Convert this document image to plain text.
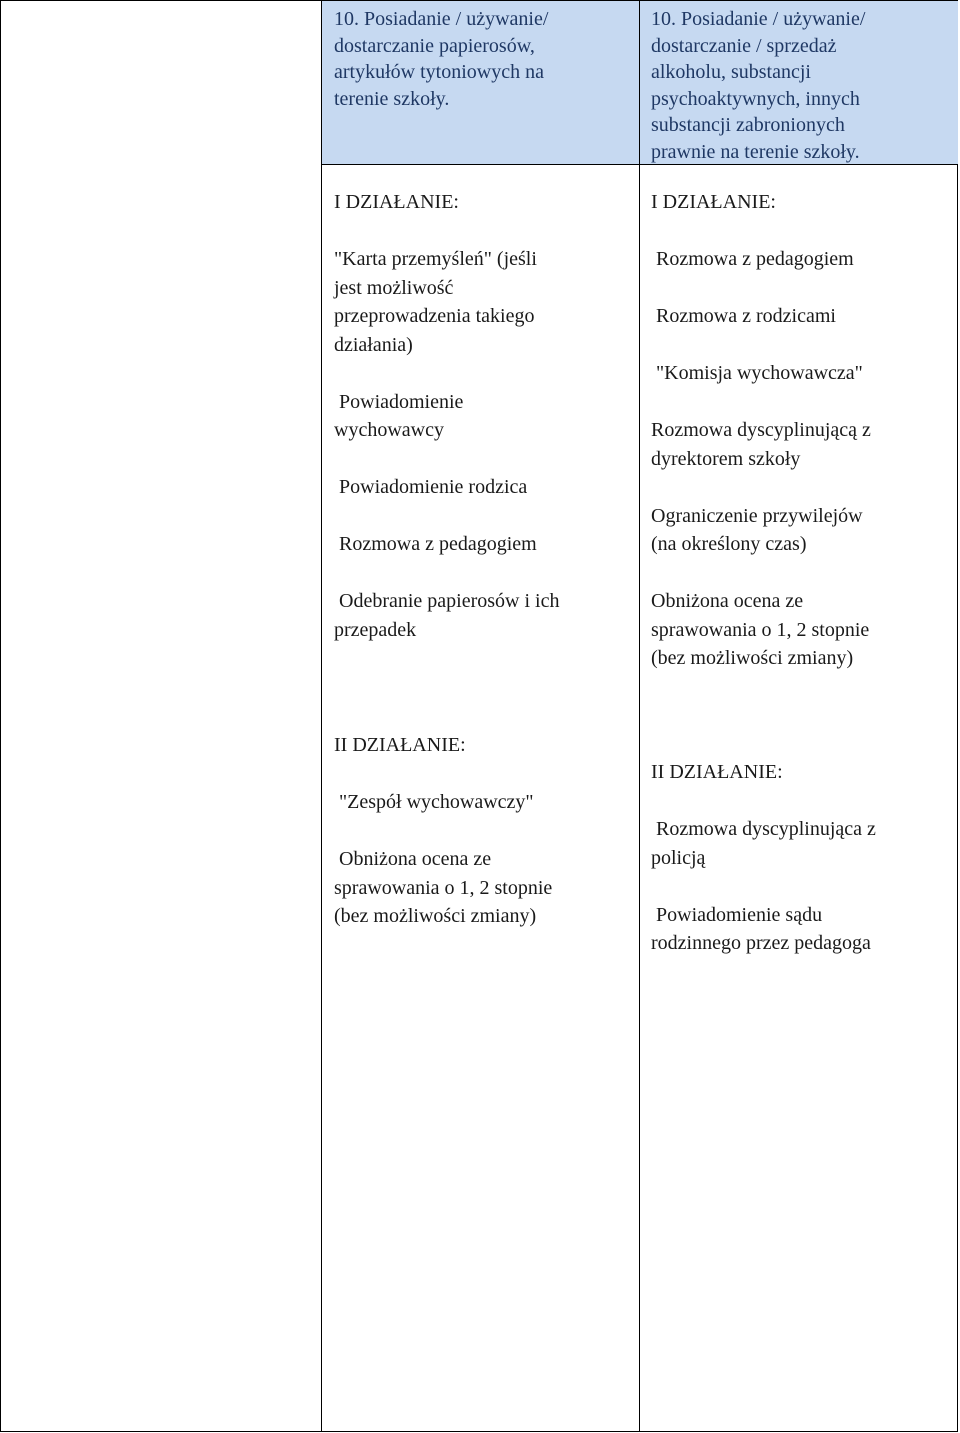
10. Posiadanie / używanie/
dostarczanie papierosów,
artykułów tytoniowych na
terenie szkoły.
10. Posiadanie / używanie/
dostarczanie / sprzedaż
alkoholu, substancji
psychoaktywnych, innych
substancji zabronionych
prawnie na terenie szkoły.

I DZIAŁANIE:

"Karta przemyśleń" (jeśli
jest możliwość
przeprowadzenia takiego
działania)

Powiadomienie
wychowawcy

Powiadomienie rodzica

Rozmowa z pedagogiem

Odebranie papierosów i ich
przepadek

II DZIAŁANIE:

"Zespół wychowawczy"

Obniżona ocena ze
sprawowania o 1, 2 stopnie
(bez możliwości zmiany)

I DZIAŁANIE:

Rozmowa z pedagogiem

Rozmowa z rodzicami

"Komisja wychowawcza"

Rozmowa dyscyplinującą z
dyrektorem szkoły

Ograniczenie przywilejów
(na określony czas)

Obniżona ocena ze
sprawowania o 1, 2 stopnie
(bez możliwości zmiany)

II DZIAŁANIE:

Rozmowa dyscyplinująca z
policją

Powiadomienie sądu
rodzinnego przez pedagoga
